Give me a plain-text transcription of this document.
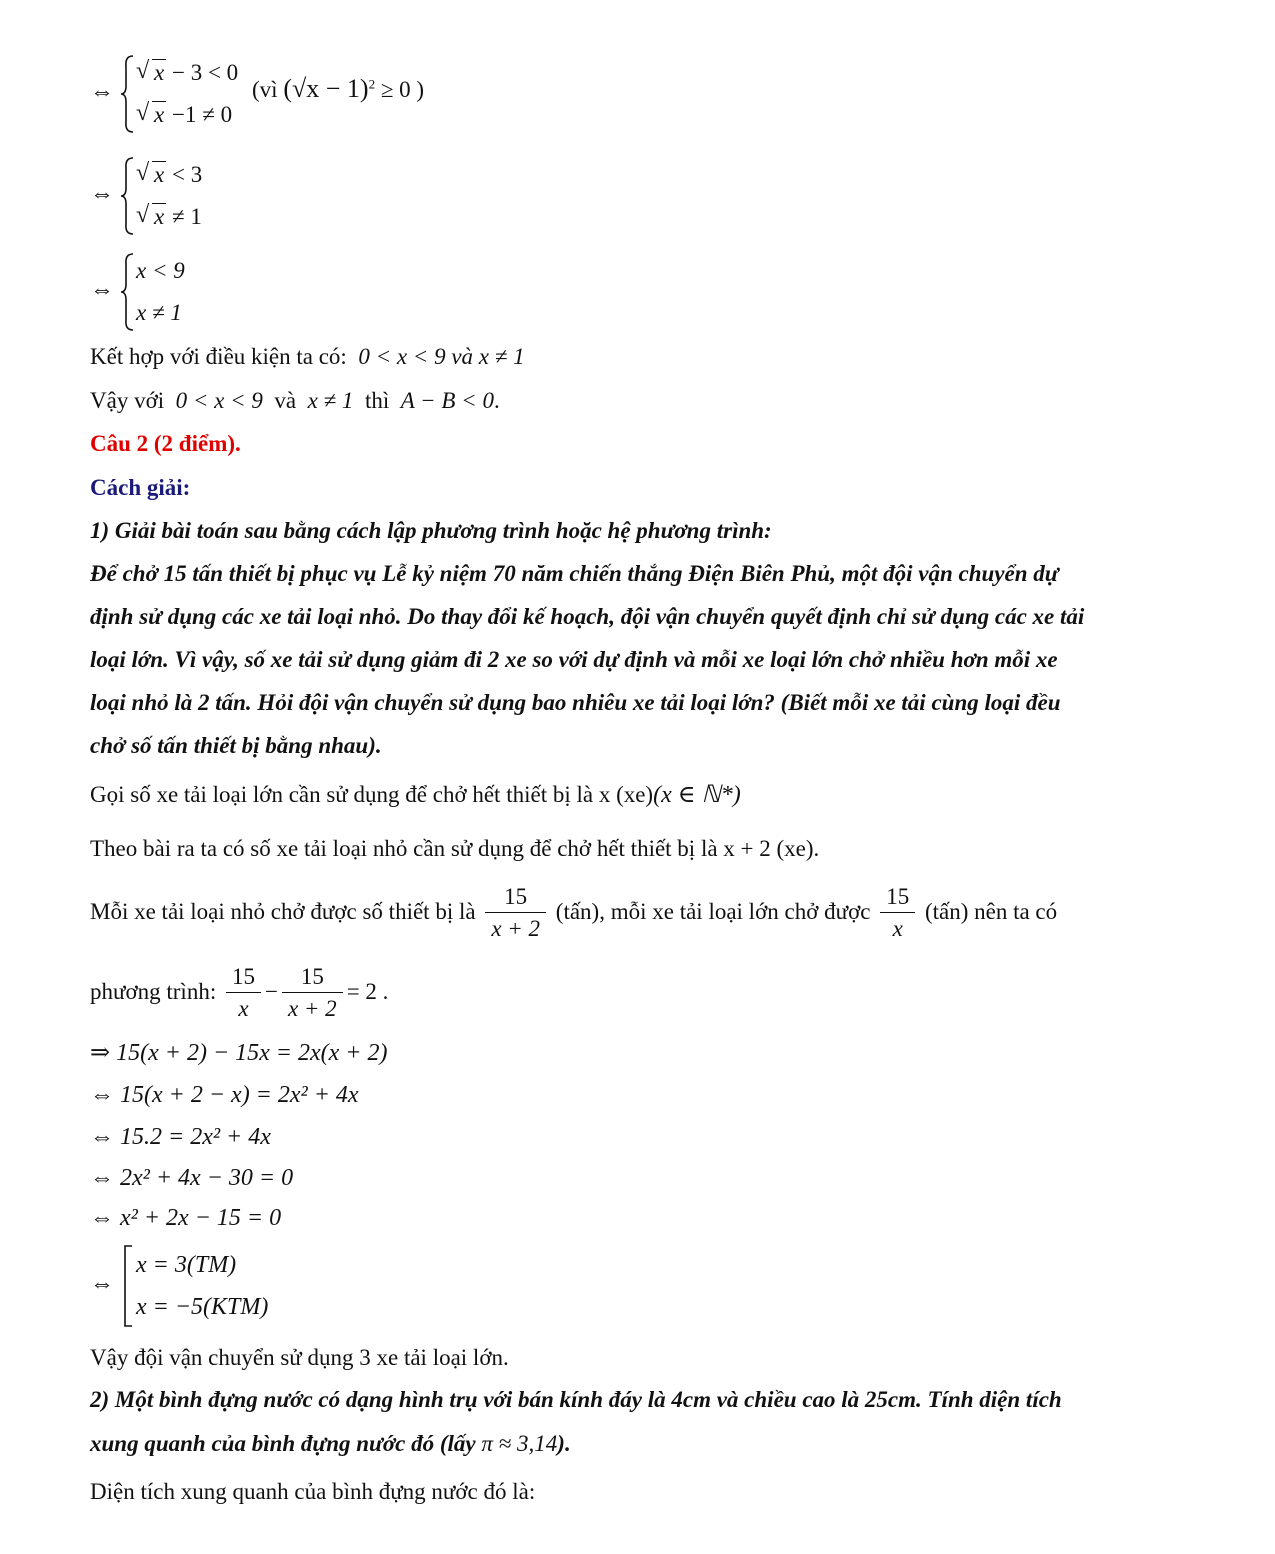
⇔
√ x − 3 < 0
√ x −1 ≠ 0
(vì $(√x - 1)^2 \ge 0$ )
⇔
√ x < 3
√ x ≠ 1
⇔
x < 9
x ≠ 1
Kết hợp với điều kiện ta có: 0 < x < 9 và x ≠ 1
Vậy với 0 < x < 9 và x ≠ 1 thì A − B < 0.
Câu 2 (2 điểm).
Cách giải:
1) Giải bài toán sau bằng cách lập phương trình hoặc hệ phương trình:
Để chở 15 tấn thiết bị phục vụ Lễ kỷ niệm 70 năm chiến thắng Điện Biên Phủ, một đội vận chuyển dự
định sử dụng các xe tải loại nhỏ. Do thay đổi kế hoạch, đội vận chuyển quyết định chỉ sử dụng các xe tải
loại lớn. Vì vậy, số xe tải sử dụng giảm đi 2 xe so với dự định và mỗi xe loại lớn chở nhiều hơn mỗi xe
loại nhỏ là 2 tấn. Hỏi đội vận chuyển sử dụng bao nhiêu xe tải loại lớn? (Biết mỗi xe tải cùng loại đều
chở số tấn thiết bị bằng nhau).
Gọi số xe tải loại lớn cần sử dụng để chở hết thiết bị là x (xe)(x ∈ ℕ*)
Theo bài ra ta có số xe tải loại nhỏ cần sử dụng để chở hết thiết bị là x + 2 (xe).
Mỗi xe tải loại nhỏ chở được số thiết bị là $\frac{15}{x + 2}$ (tấn), mỗi xe tải loại lớn chở được $\frac{15}{x}$ (tấn) nên ta có
phương trình: $\frac{15}{x} - \frac{15}{x + 2} = 2$ .
⇒ 15(x + 2) − 15x = 2x(x + 2)
⇔ 15(x + 2 − x) = 2x² + 4x
⇔ 15.2 = 2x² + 4x
⇔ 2x² + 4x − 30 = 0
⇔ x² + 2x − 15 = 0
⇔
x = 3(TM)
x = −5(KTM)
Vậy đội vận chuyển sử dụng 3 xe tải loại lớn.
2) Một bình đựng nước có dạng hình trụ với bán kính đáy là 4cm và chiều cao là 25cm. Tính diện tích
xung quanh của bình đựng nước đó (lấy π ≈ 3,14).
Diện tích xung quanh của bình đựng nước đó là:
